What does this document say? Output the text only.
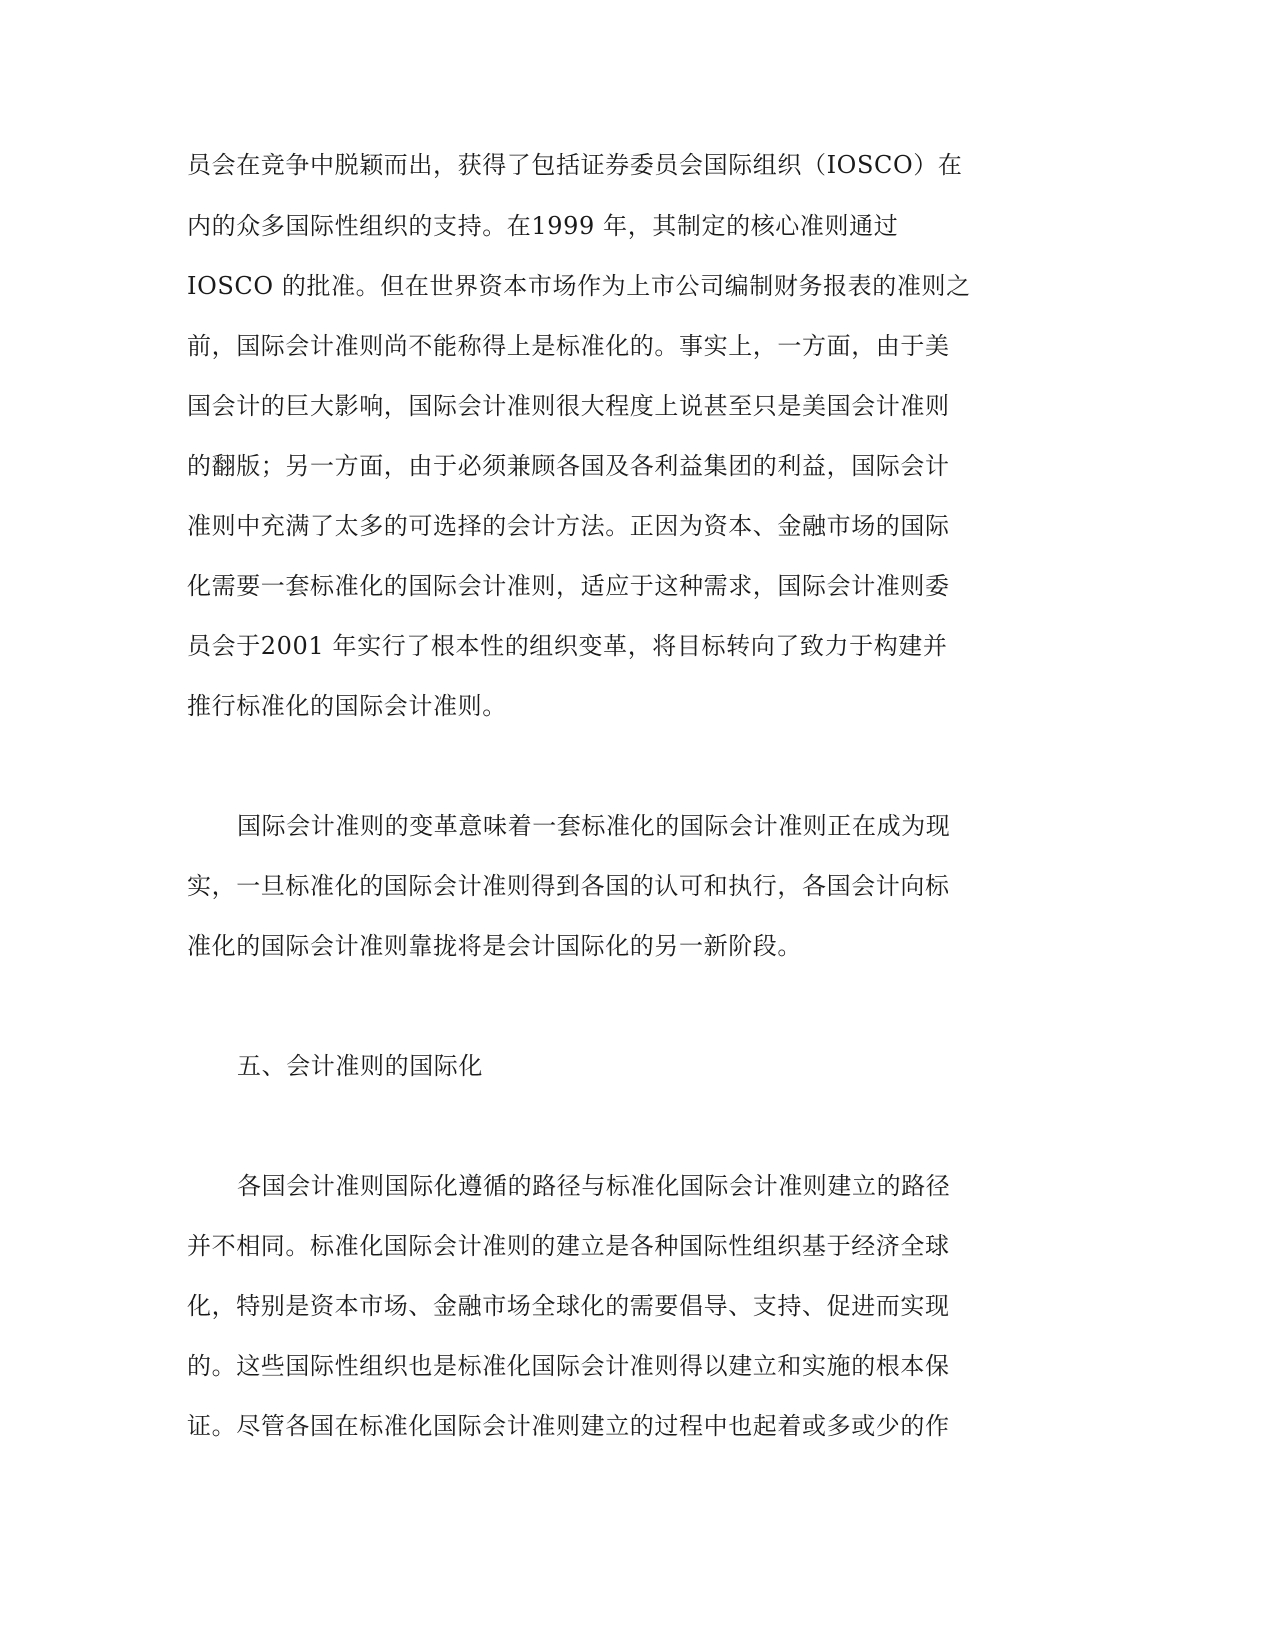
员会在竞争中脱颖而出，获得了包括证券委员会国际组织（IOSCO）在
内的众多国际性组织的支持。在1999 年，其制定的核心准则通过
IOSCO 的批准。但在世界资本市场作为上市公司编制财务报表的准则之
前，国际会计准则尚不能称得上是标准化的。事实上，一方面，由于美
国会计的巨大影响，国际会计准则很大程度上说甚至只是美国会计准则
的翻版；另一方面，由于必须兼顾各国及各利益集团的利益，国际会计
准则中充满了太多的可选择的会计方法。正因为资本、金融市场的国际
化需要一套标准化的国际会计准则，适应于这种需求，国际会计准则委
员会于2001 年实行了根本性的组织变革，将目标转向了致力于构建并
推行标准化的国际会计准则。
国际会计准则的变革意味着一套标准化的国际会计准则正在成为现
实，一旦标准化的国际会计准则得到各国的认可和执行，各国会计向标
准化的国际会计准则靠拢将是会计国际化的另一新阶段。
五、会计准则的国际化
各国会计准则国际化遵循的路径与标准化国际会计准则建立的路径
并不相同。标准化国际会计准则的建立是各种国际性组织基于经济全球
化，特别是资本市场、金融市场全球化的需要倡导、支持、促进而实现
的。这些国际性组织也是标准化国际会计准则得以建立和实施的根本保
证。尽管各国在标准化国际会计准则建立的过程中也起着或多或少的作
